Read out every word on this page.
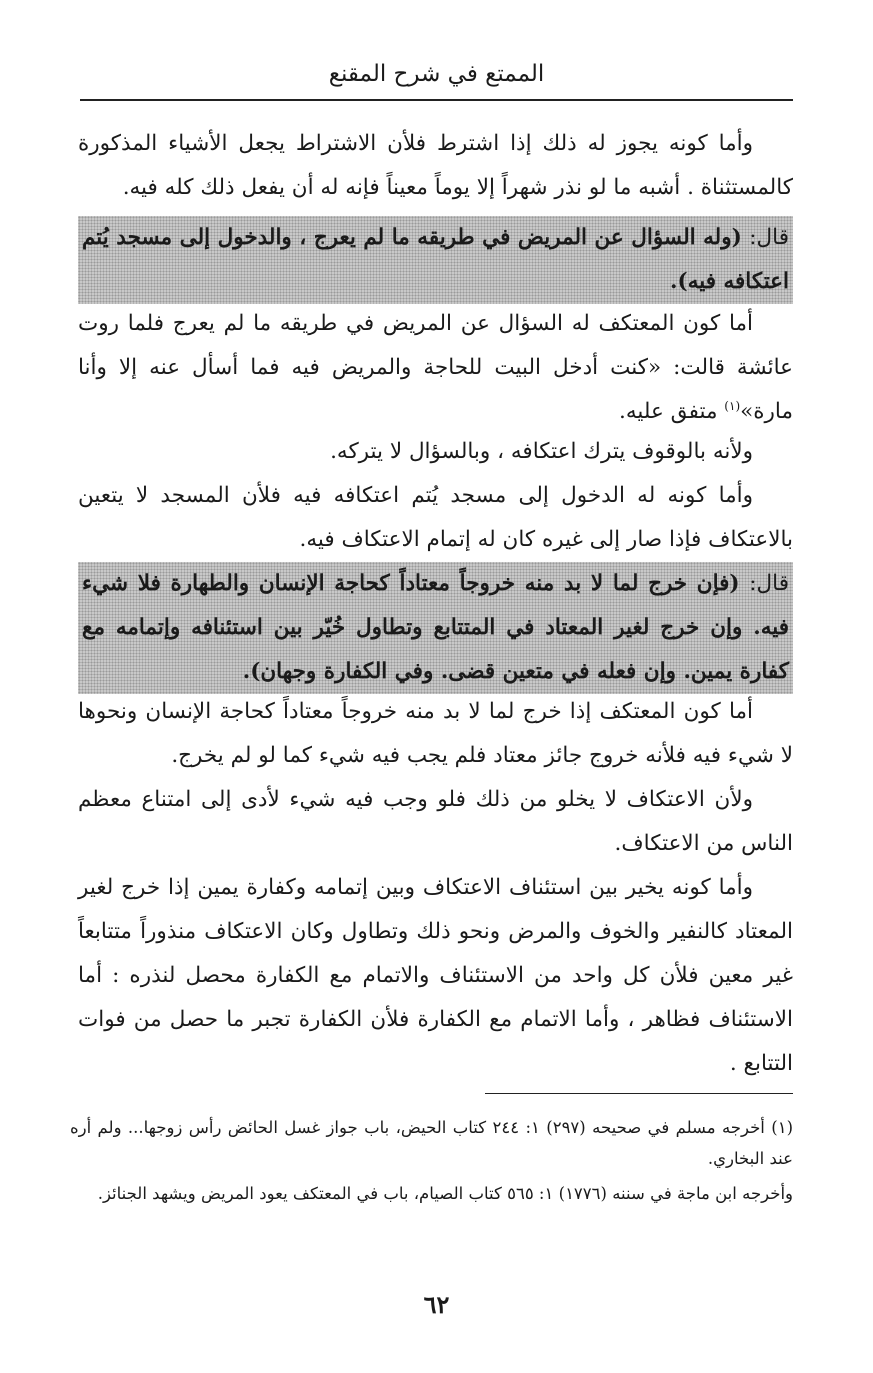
الممتع في شرح المقنع

وأما كونه يجوز له ذلك إذا اشترط فلأن الاشتراط يجعل الأشياء المذكورة كالمستثناة . أشبه ما لو نذر شهراً إلا يوماً معيناً فإنه له أن يفعل ذلك كله فيه.

قال: (وله السؤال عن المريض في طريقه ما لم يعرج ، والدخول إلى مسجد يُتم اعتكافه فيه).

أما كون المعتكف له السؤال عن المريض في طريقه ما لم يعرج فلما روت عائشة قالت: «كنت أدخل البيت للحاجة والمريض فيه فما أسأل عنه إلا وأنا مارة»$^{(١)}$ متفق عليه.

ولأنه بالوقوف يترك اعتكافه ، وبالسؤال لا يتركه.

وأما كونه له الدخول إلى مسجد يُتم اعتكافه فيه فلأن المسجد لا يتعين بالاعتكاف فإذا صار إلى غيره كان له إتمام الاعتكاف فيه.

قال: (فإن خرج لما لا بد منه خروجاً معتاداً كحاجة الإنسان والطهارة فلا شيء فيه. وإن خرج لغير المعتاد في المتتابع وتطاول خُيّر بين استئنافه وإتمامه مع كفارة يمين. وإن فعله في متعين قضى. وفي الكفارة وجهان).

أما كون المعتكف إذا خرج لما لا بد منه خروجاً معتاداً كحاجة الإنسان ونحوها لا شيء فيه فلأنه خروج جائز معتاد فلم يجب فيه شيء كما لو لم يخرج.

ولأن الاعتكاف لا يخلو من ذلك فلو وجب فيه شيء لأدى إلى امتناع معظم الناس من الاعتكاف.

وأما كونه يخير بين استئناف الاعتكاف وبين إتمامه وكفارة يمين إذا خرج لغير المعتاد كالنفير والخوف والمرض ونحو ذلك وتطاول وكان الاعتكاف منذوراً متتابعاً غير معين فلأن كل واحد من الاستئناف والاتمام مع الكفارة محصل لنذره : أما الاستئناف فظاهر ، وأما الاتمام مع الكفارة فلأن الكفارة تجبر ما حصل من فوات التتابع .

(١) أخرجه مسلم في صحيحه (٢٩٧) ١: ٢٤٤ كتاب الحيض، باب جواز غسل الحائض رأس زوجها... ولم أره عند البخاري.

وأخرجه ابن ماجة في سننه (١٧٧٦) ١: ٥٦٥ كتاب الصيام، باب في المعتكف يعود المريض ويشهد الجنائز.

٦٢
